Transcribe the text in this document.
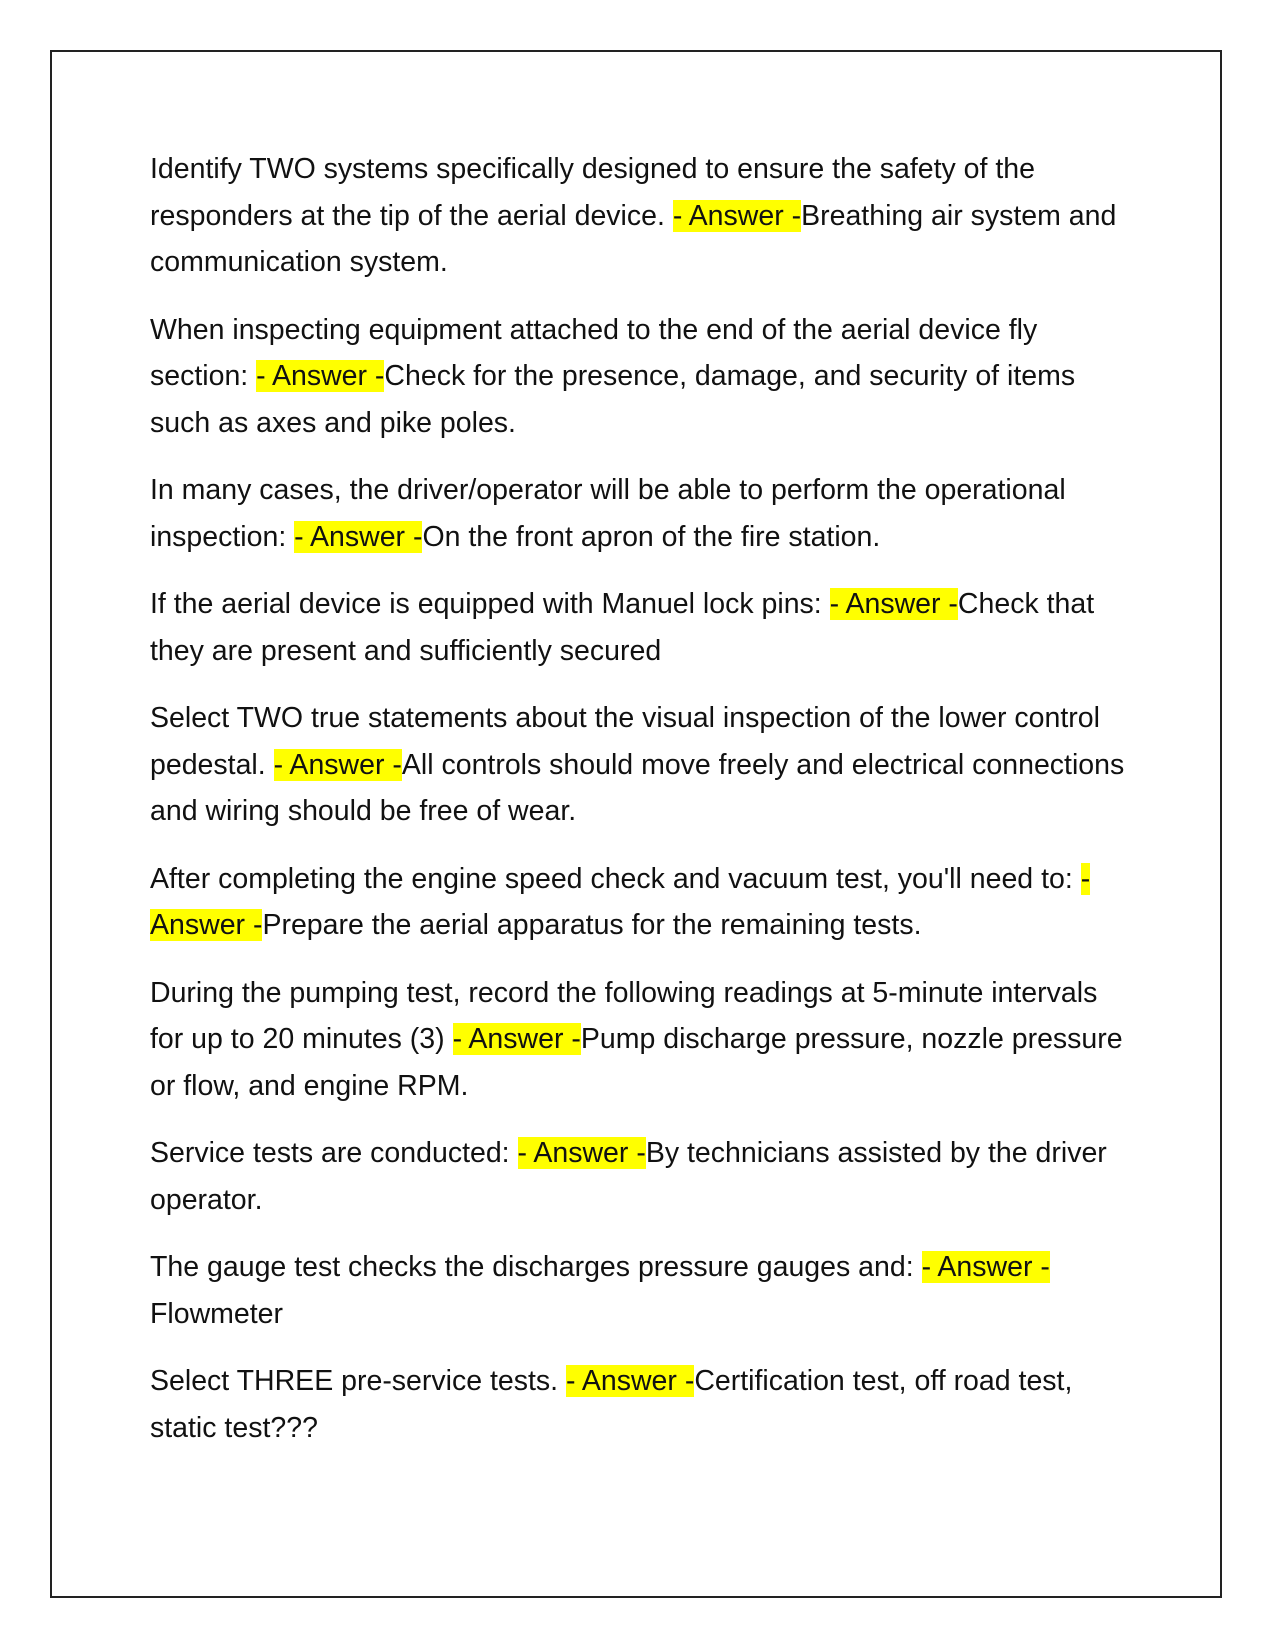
Identify TWO systems specifically designed to ensure the safety of the responders at the tip of the aerial device. - Answer -Breathing air system and communication system.

When inspecting equipment attached to the end of the aerial device fly section: - Answer -Check for the presence, damage, and security of items such as axes and pike poles.

In many cases, the driver/operator will be able to perform the operational inspection: - Answer -On the front apron of the fire station.

If the aerial device is equipped with Manuel lock pins: - Answer -Check that they are present and sufficiently secured

Select TWO true statements about the visual inspection of the lower control pedestal. - Answer -All controls should move freely and electrical connections and wiring should be free of wear.

After completing the engine speed check and vacuum test, you'll need to: - Answer -Prepare the aerial apparatus for the remaining tests.

During the pumping test, record the following readings at 5-minute intervals for up to 20 minutes (3) - Answer -Pump discharge pressure, nozzle pressure or flow, and engine RPM.

Service tests are conducted: - Answer -By technicians assisted by the driver operator.

The gauge test checks the discharges pressure gauges and: - Answer -Flowmeter

Select THREE pre-service tests. - Answer -Certification test, off road test, static test???
